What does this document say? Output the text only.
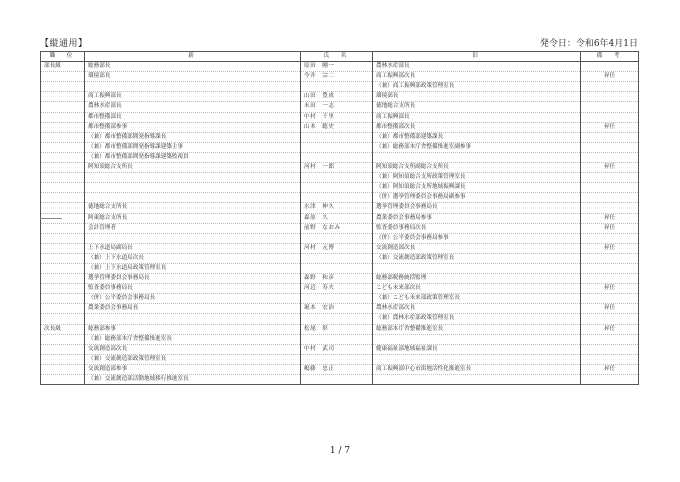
【縦通用】	発令日：令和6年4月1日
職　位	新	氏　名	旧	備　考
部長級	総務部長	原田　剛一	農林水産部長	
	環境部長	今井　宗二	商工振興部次長	昇任
			（兼）商工振興部政策管理室長	
	商工振興部長	山田　豊成	環境部長	
	農林水産部長	末田　一志	徳地総合支所長	
	都市整備部長	中村　千里	商工振興部長	
	都市整備部参事	山本　聡史	都市整備部次長	昇任
	（兼）都市整備部開発指導課長		（兼）都市整備部建築課長	
	（兼）都市整備部開発指導課建築主事		（兼）総務部本庁舎整備推進室副参事	
	（兼）都市整備部開発指導課建築監視員			
	阿知須総合支所長	河村　一郎	阿知須総合支所副総合支所長	昇任
			（兼）阿知須総合支所政策管理室長	
			（兼）阿知須総合支所地域振興課長	
			（併）選挙管理委員会事務局副参事	
	徳地総合支所長	水津　伸久	選挙管理委員会事務局長	
	阿東総合支所長	森原　久	農業委員会事務局参事	昇任
	会計管理者	前野　なおみ	監査委員事務局次長	昇任
			（併）公平委員会事務局参事	
	上下水道局副局長	河村　元博	交流創造部次長	昇任
	（兼）上下水道局次長		（兼）交流創造部政策管理室長	
	（兼）上下水道局政策管理室長			
	選挙管理委員会事務局長	森野　和彦	総務部税務統括監理	
	監査委員事務局長	河辺　寿夫	こども未来部次長	昇任
	（併）公平委員会事務局長		（兼）こども未来部政策管理室長	
	農業委員会事務局長	堀本　宏治	農林水産部次長	昇任
			（兼）農林水産部政策管理室長	
次長級	総務部参事	松尾　彰	総務部本庁舎整備推進室長	昇任
	（兼）総務部本庁舎整備推進室長			
	交流創造部次長	中村　武司	健康福祉部地域福祉課長	
	（兼）交流創造部政策管理室長			
	交流創造部参事	嶋藤　忠正	商工振興部中心市街地活性化推進室長	昇任
	（兼）交流創造部活動地域移行推進室長			
1 / 7
